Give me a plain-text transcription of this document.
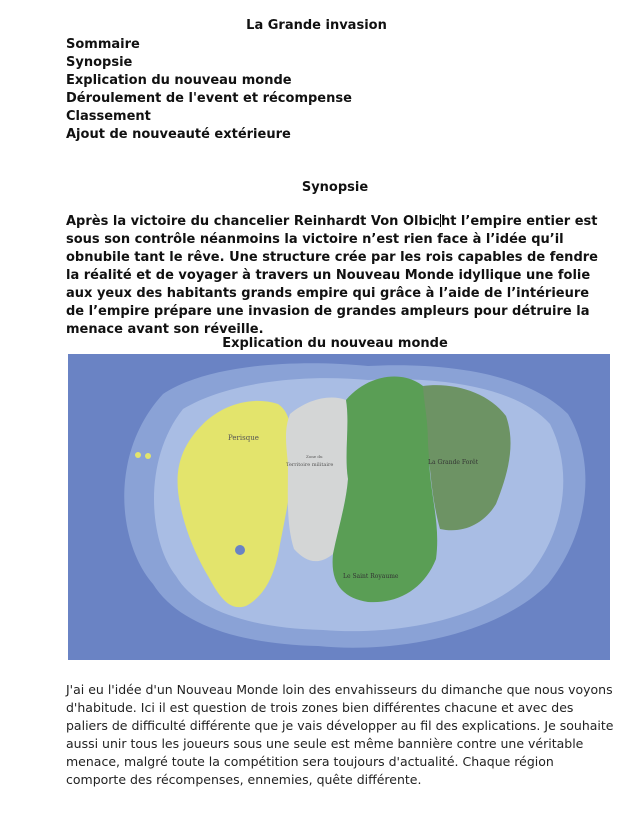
La Grande invasion
Sommaire
Synopsie
Explication du nouveau monde
Déroulement de l'event et récompense
Classement
Ajout de nouveauté extérieure
Synopsie
Après la victoire du chancelier Reinhardt Von Olbicht l’empire entier est sous son contrôle néanmoins la victoire n’est rien face à l’idée qu’il obnubile tant le rêve. Une structure crée par les rois capables de fendre la réalité et de voyager à travers un Nouveau Monde idyllique une folie aux yeux des habitants grands empire qui grâce à l’aide de l’intérieure de l’empire prépare une invasion de grandes ampleurs pour détruire la menace avant son réveille.
Explication du nouveau monde
Perisque
Zone du
Territoire militaire	La Grande Forêt
Le Saint Royaume
J'ai eu l'idée d'un Nouveau Monde loin des envahisseurs du dimanche que nous voyons d'habitude. Ici il est question de trois zones bien différentes chacune et avec des paliers de difficulté différente que je vais développer au fil des explications. Je souhaite aussi unir tous les joueurs sous une seule est même bannière contre une véritable menace, malgré toute la compétition sera toujours d'actualité. Chaque région comporte des récompenses, ennemies, quête différente.
